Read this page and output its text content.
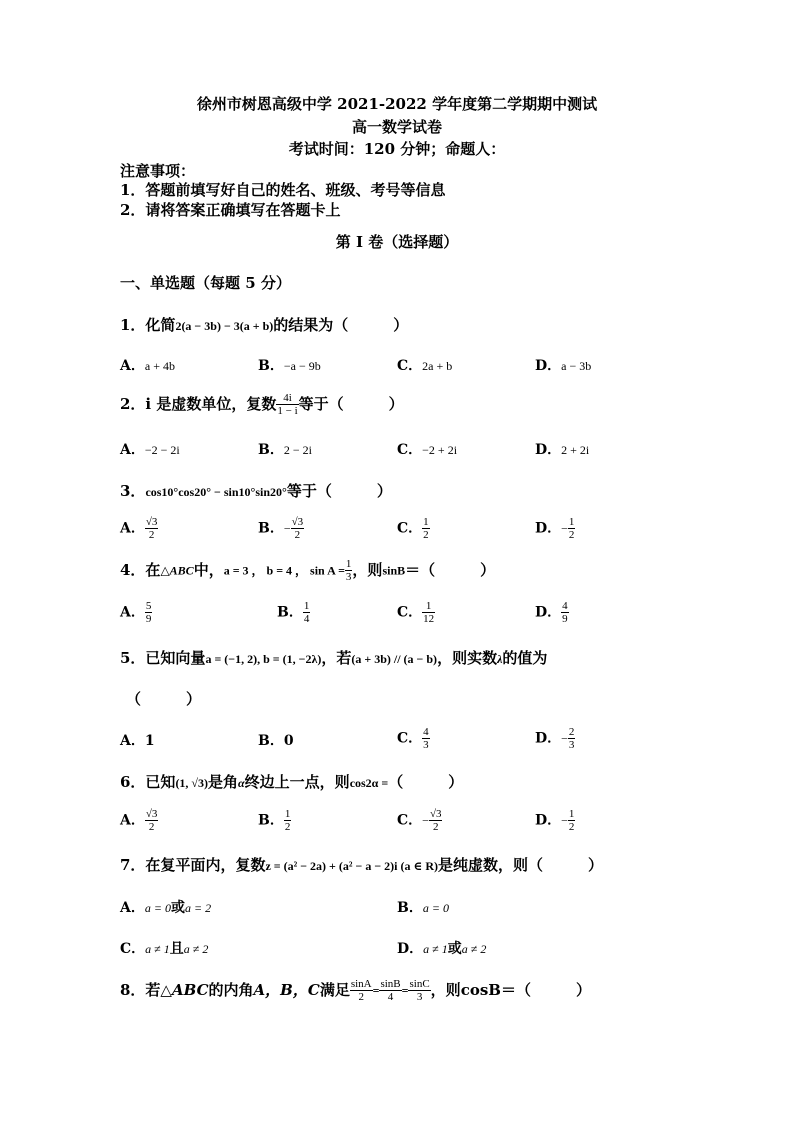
徐州市树恩高级中学 2021-2022 学年度第二学期期中测试
高一数学试卷
考试时间：120 分钟；命题人：
注意事项：
1．答题前填写好自己的姓名、班级、考号等信息
2．请将答案正确填写在答题卡上
第 I 卷（选择题）
一、单选题（每题 5 分）
1．化简2(a − 3b) − 3(a + b)的结果为（　　　）
A．a + 4b	B．−a − 9b	C．2a + b	D．a − 3b
2．i 是虚数单位，复数 $\frac{4i}{1 - i}$ 等于（　　　）
A．−2 − 2i	B．2 − 2i	C．−2 + 2i	D．2 + 2i
3．cos10°cos20° − sin10°sin20°等于（　　　）
A． $\frac{√3}{2}$	B．− $\frac{√3}{2}$	C． $\frac{1}{2}$	D．− $\frac{1}{2}$
4．在△ABC中，a = 3 ， b = 4 ， $\sin A = \frac{1}{3}$ ，则sinB＝（　　　）
A． $\frac{5}{9}$	B． $\frac{1}{4}$	C． $\frac{1}{12}$	D． $\frac{4}{9}$
5．已知向量a = (−1, 2), b = (1, −2λ)，若(a + 3b) // (a − b)，则实数λ的值为
（　　　）
A．1	B．0	C． $\frac{4}{3}$	D．− $\frac{2}{3}$
6．已知(1, √3)是角α终边上一点，则cos2α =（　　　）
A． $\frac{√3}{2}$	B． $\frac{1}{2}$	C．− $\frac{√3}{2}$	D．− $\frac{1}{2}$
7．在复平面内，复数z = (a² − 2a) + (a² − a − 2)i (a ∈ R)是纯虚数，则（　　　）
A．a = 0或a = 2	B．a = 0
C．a ≠ 1且a ≠ 2	D．a ≠ 1或a ≠ 2
8．若△ABC的内角A，B，C满足 $\frac{\sin A}{2} = \frac{\sin B}{4} = \frac{\sin C}{3}$ ，则cosB＝（　　　）
